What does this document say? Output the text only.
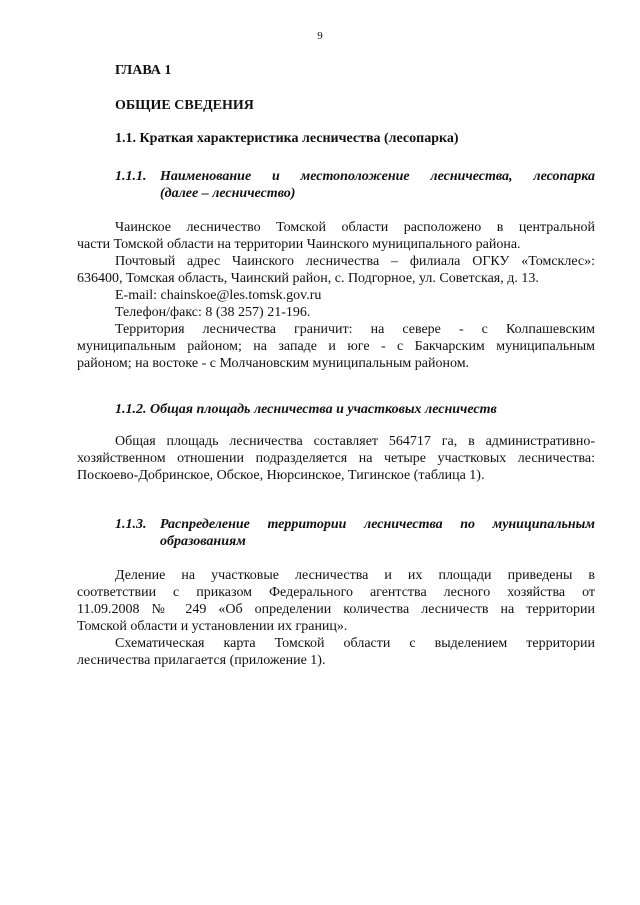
9
ГЛАВА 1
ОБЩИЕ СВЕДЕНИЯ
1.1. Краткая характеристика лесничества (лесопарка)
1.1.1. Наименование и местоположение лесничества, лесопарка
(далее – лесничество)
Чаинское лесничество Томской области расположено в центральной
части Томской области на территории Чаинского муниципального района.
Почтовый адрес Чаинского лесничества – филиала ОГКУ «Томсклес»:
636400, Томская область, Чаинский район, с. Подгорное, ул. Советская, д. 13.
E-mail: chainskoe@les.tomsk.gov.ru
Телефон/факс: 8 (38 257) 21-196.
Территория лесничества граничит: на севере - с Колпашевским
муниципальным районом; на западе и юге - с Бакчарским муниципальным
районом; на востоке - с Молчановским муниципальным районом.
1.1.2. Общая площадь лесничества и участковых лесничеств
Общая площадь лесничества составляет 564717 га, в административно-
хозяйственном отношении подразделяется на четыре участковых лесничества:
Поскоево-Добринское, Обское, Нюрсинское, Тигинское (таблица 1).
1.1.3. Распределение территории лесничества по муниципальным
образованиям
Деление на участковые лесничества и их площади приведены в
соответствии с приказом Федерального агентства лесного хозяйства от
11.09.2008 № 249 «Об определении количества лесничеств на территории
Томской области и установлении их границ».
Схематическая карта Томской области с выделением территории
лесничества прилагается (приложение 1).
